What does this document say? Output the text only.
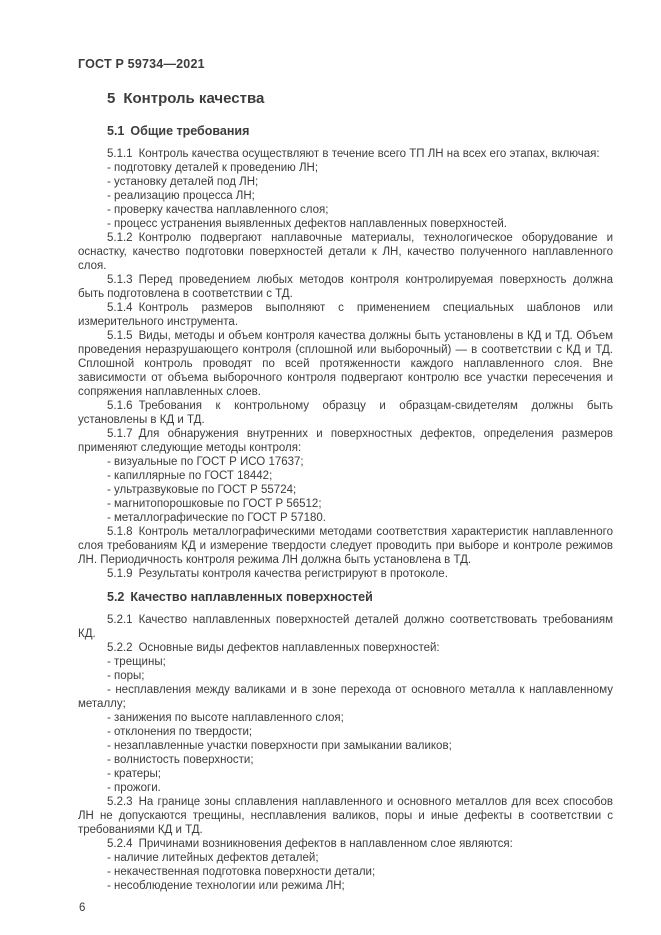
ГОСТ Р 59734—2021
5 Контроль качества
5.1 Общие требования
5.1.1 Контроль качества осуществляют в течение всего ТП ЛН на всех его этапах, включая:
- подготовку деталей к проведению ЛН;
- установку деталей под ЛН;
- реализацию процесса ЛН;
- проверку качества наплавленного слоя;
- процесс устранения выявленных дефектов наплавленных поверхностей.
5.1.2 Контролю подвергают наплавочные материалы, технологическое оборудование и оснастку, качество подготовки поверхностей детали к ЛН, качество полученного наплавленного слоя.
5.1.3 Перед проведением любых методов контроля контролируемая поверхность должна быть подготовлена в соответствии с ТД.
5.1.4 Контроль размеров выполняют с применением специальных шаблонов или измерительного инструмента.
5.1.5 Виды, методы и объем контроля качества должны быть установлены в КД и ТД. Объем проведения неразрушающего контроля (сплошной или выборочный) — в соответствии с КД и ТД. Сплошной контроль проводят по всей протяженности каждого наплавленного слоя. Вне зависимости от объема выборочного контроля подвергают контролю все участки пересечения и сопряжения наплавленных слоев.
5.1.6 Требования к контрольному образцу и образцам-свидетелям должны быть установлены в КД и ТД.
5.1.7 Для обнаружения внутренних и поверхностных дефектов, определения размеров применяют следующие методы контроля:
- визуальные по ГОСТ Р ИСО 17637;
- капиллярные по ГОСТ 18442;
- ультразвуковые по ГОСТ Р 55724;
- магнитопорошковые по ГОСТ Р 56512;
- металлографические по ГОСТ Р 57180.
5.1.8 Контроль металлографическими методами соответствия характеристик наплавленного слоя требованиям КД и измерение твердости следует проводить при выборе и контроле режимов ЛН. Периодичность контроля режима ЛН должна быть установлена в ТД.
5.1.9 Результаты контроля качества регистрируют в протоколе.
5.2 Качество наплавленных поверхностей
5.2.1 Качество наплавленных поверхностей деталей должно соответствовать требованиям КД.
5.2.2 Основные виды дефектов наплавленных поверхностей:
- трещины;
- поры;
- несплавления между валиками и в зоне перехода от основного металла к наплавленному металлу;
- занижения по высоте наплавленного слоя;
- отклонения по твердости;
- незаплавленные участки поверхности при замыкании валиков;
- волнистость поверхности;
- кратеры;
- прожоги.
5.2.3 На границе зоны сплавления наплавленного и основного металлов для всех способов ЛН не допускаются трещины, несплавления валиков, поры и иные дефекты в соответствии с требованиями КД и ТД.
5.2.4 Причинами возникновения дефектов в наплавленном слое являются:
- наличие литейных дефектов деталей;
- некачественная подготовка поверхности детали;
- несоблюдение технологии или режима ЛН;
6
